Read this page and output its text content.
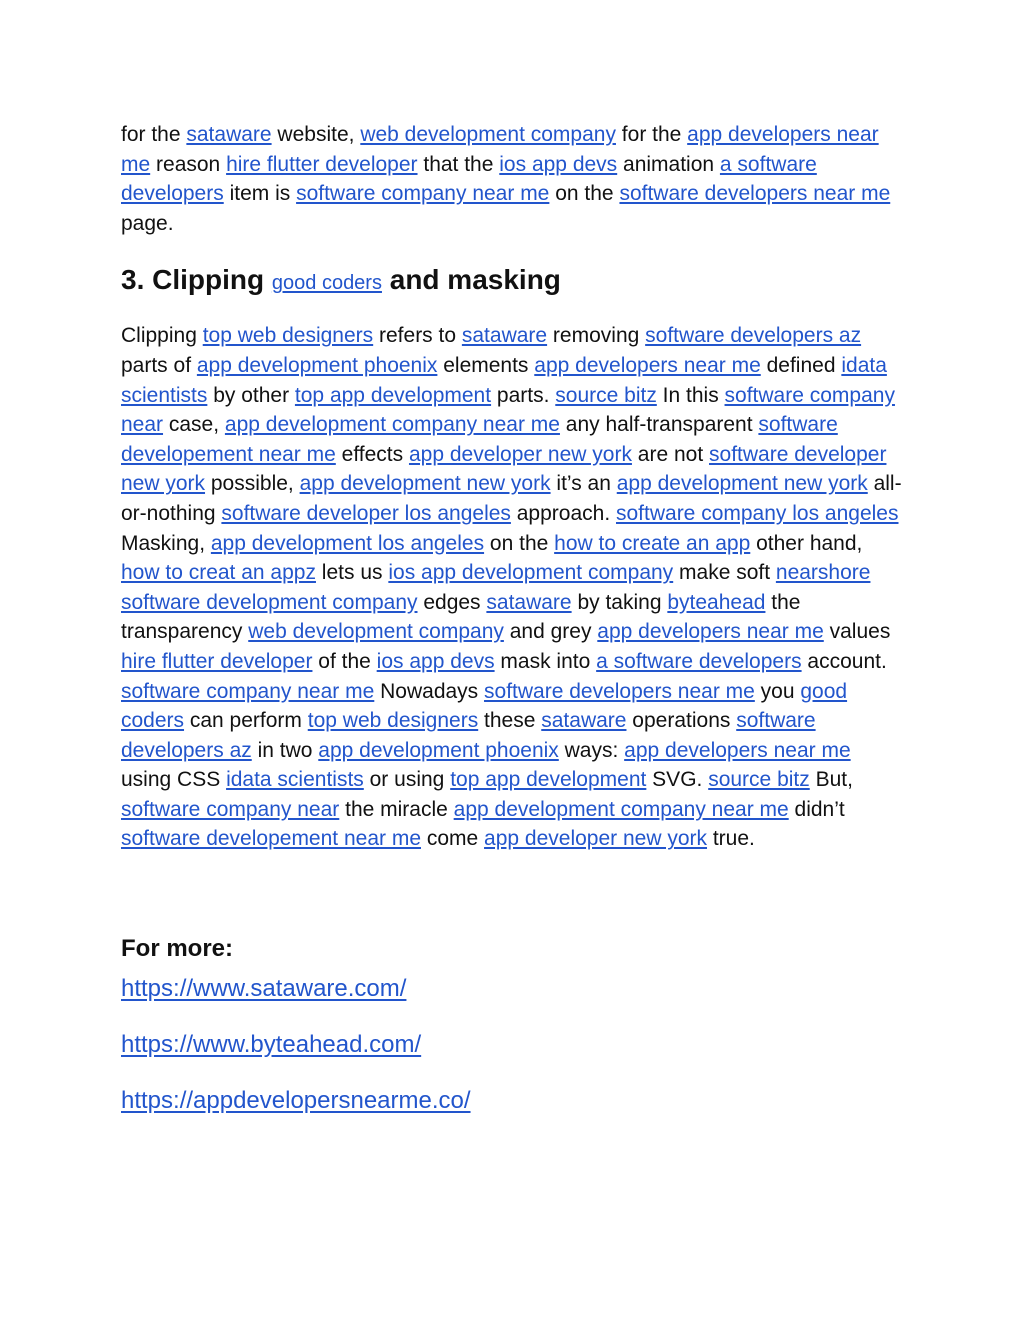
for the sataware website, web development company for the app developers near me reason hire flutter developer that the ios app devs animation a software developers item is software company near me on the software developers near me page.

3. Clipping good coders and masking

Clipping top web designers refers to sataware removing software developers az parts of app development phoenix elements app developers near me defined idata scientists by other top app development parts. source bitz In this software company near case, app development company near me any half-transparent software developement near me effects app developer new york are not software developer new york possible, app development new york it’s an app development new york all-or-nothing software developer los angeles approach. software company los angeles Masking, app development los angeles on the how to create an app other hand, how to creat an appz lets us ios app development company make soft nearshore software development company edges sataware by taking byteahead the transparency web development company and grey app developers near me values hire flutter developer of the ios app devs mask into a software developers account. software company near me Nowadays software developers near me you good coders can perform top web designers these sataware operations software developers az in two app development phoenix ways: app developers near me using CSS idata scientists or using top app development SVG. source bitz But, software company near the miracle app development company near me didn’t software developement near me come app developer new york true.

For more:
https://www.sataware.com/
https://www.byteahead.com/
https://appdevelopersnearme.co/
